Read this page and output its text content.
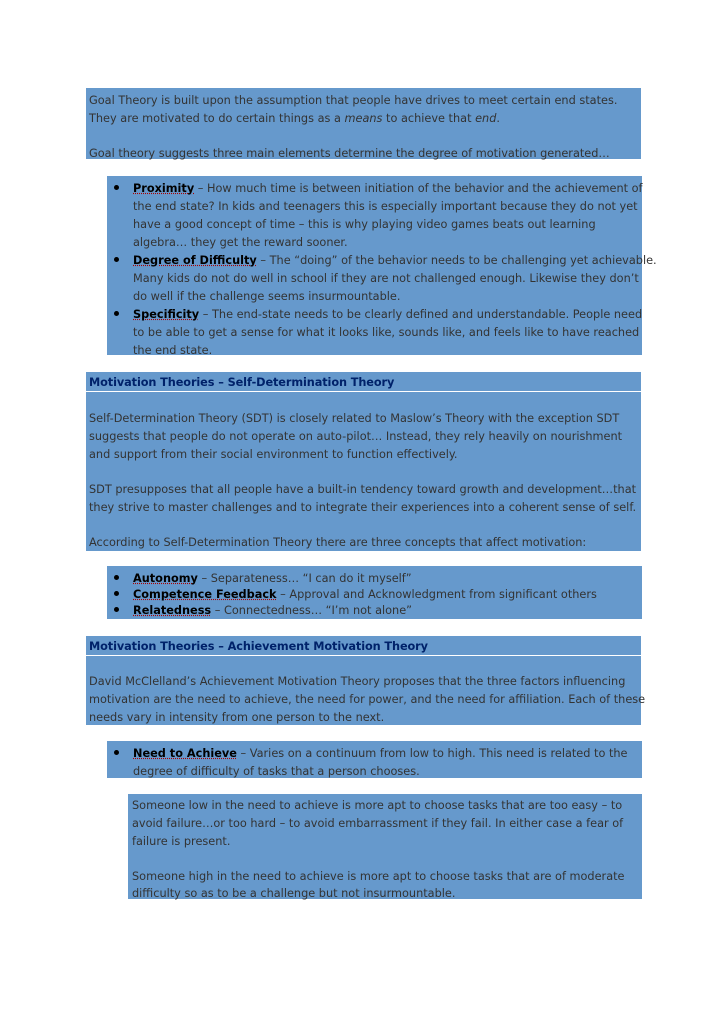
Goal Theory is built upon the assumption that people have drives to meet certain end states.
They are motivated to do certain things as a means to achieve that end.
Goal theory suggests three main elements determine the degree of motivation generated…
Proximity – How much time is between initiation of the behavior and the achievement of
the end state? In kids and teenagers this is especially important because they do not yet
have a good concept of time – this is why playing video games beats out learning
algebra… they get the reward sooner.
Degree of Difficulty – The “doing” of the behavior needs to be challenging yet achievable.
Many kids do not do well in school if they are not challenged enough. Likewise they don’t
do well if the challenge seems insurmountable.
Specificity – The end-state needs to be clearly defined and understandable. People need
to be able to get a sense for what it looks like, sounds like, and feels like to have reached
the end state.
Motivation Theories – Self-Determination Theory
Self-Determination Theory (SDT) is closely related to Maslow’s Theory with the exception SDT
suggests that people do not operate on auto-pilot… Instead, they rely heavily on nourishment
and support from their social environment to function effectively.
SDT presupposes that all people have a built-in tendency toward growth and development…that
they strive to master challenges and to integrate their experiences into a coherent sense of self.
According to Self-Determination Theory there are three concepts that affect motivation:
Autonomy – Separateness… “I can do it myself”
Competence Feedback – Approval and Acknowledgment from significant others
Relatedness – Connectedness… “I’m not alone”
Motivation Theories – Achievement Motivation Theory
David McClelland’s Achievement Motivation Theory proposes that the three factors influencing
motivation are the need to achieve, the need for power, and the need for affiliation. Each of these
needs vary in intensity from one person to the next.
Need to Achieve – Varies on a continuum from low to high. This need is related to the
degree of difficulty of tasks that a person chooses.
Someone low in the need to achieve is more apt to choose tasks that are too easy – to
avoid failure…or too hard – to avoid embarrassment if they fail. In either case a fear of
failure is present.
Someone high in the need to achieve is more apt to choose tasks that are of moderate
difficulty so as to be a challenge but not insurmountable.
